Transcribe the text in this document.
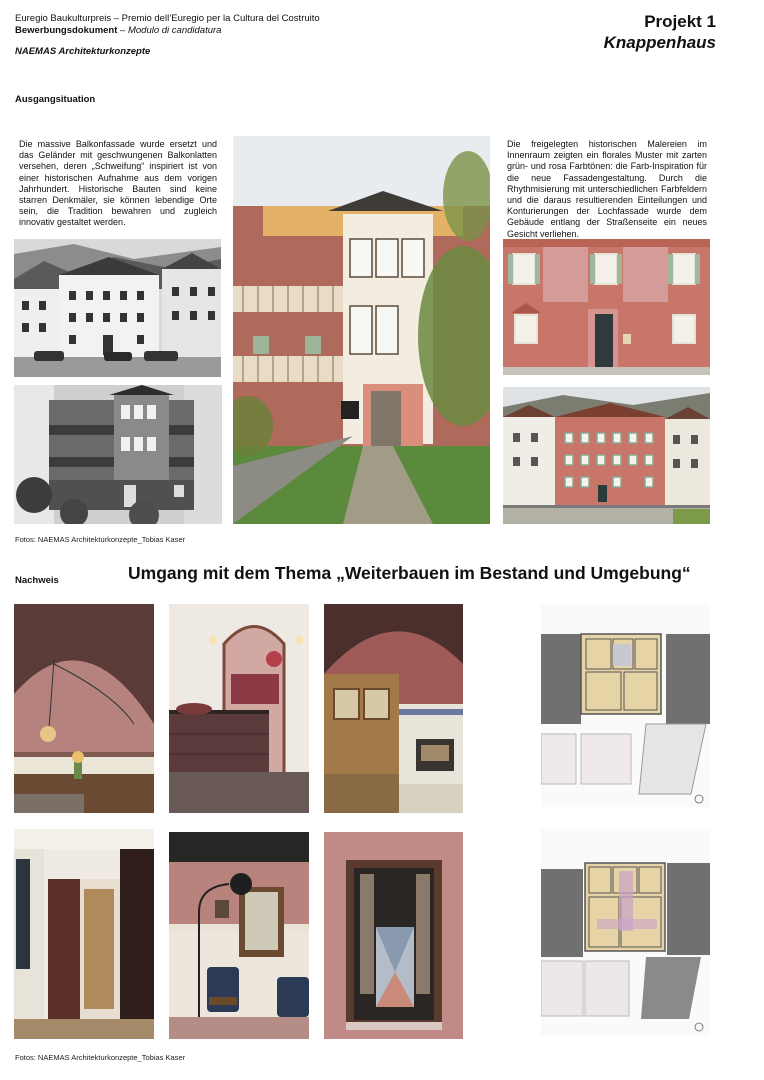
Euregio Baukulturpreis – Premio dell’Euregio per la Cultura del Costruito
Bewerbungsdokument – Modulo di candidatura
NAEMAS Architekturkonzepte
Projekt 1
Knappenhaus
Ausgangsituation
Die massive Balkonfassade wurde ersetzt und das Geländer mit geschwungenen Balkonlatten versehen, deren „Schweifung“ inspiriert ist von einer historischen Aufnahme aus dem vorigen Jahrhundert. Historische Bauten sind keine starren Denkmäler, sie können lebendige Orte sein, die Tradition bewahren und zugleich innovativ gestaltet werden.
Die freigelegten historischen Malereien im Innenraum zeigten ein florales Muster mit zarten grün- und rosa Farbtönen: die Farb-Inspiration für die neue Fassadengestaltung. Durch die Rhythmisierung mit unterschiedlichen Farbfeldern und die daraus resultierenden Einteilungen und Konturierungen der Lochfassade wurde dem Gebäude entlang der Straßenseite ein neues Gesicht verliehen.
Fotos: NAEMAS Architekturkonzepte_Tobias Kaser
Nachweis	Umgang mit dem Thema „Weiterbauen im Bestand und Umgebung“
Fotos: NAEMAS Architekturkonzepte_Tobias Kaser
